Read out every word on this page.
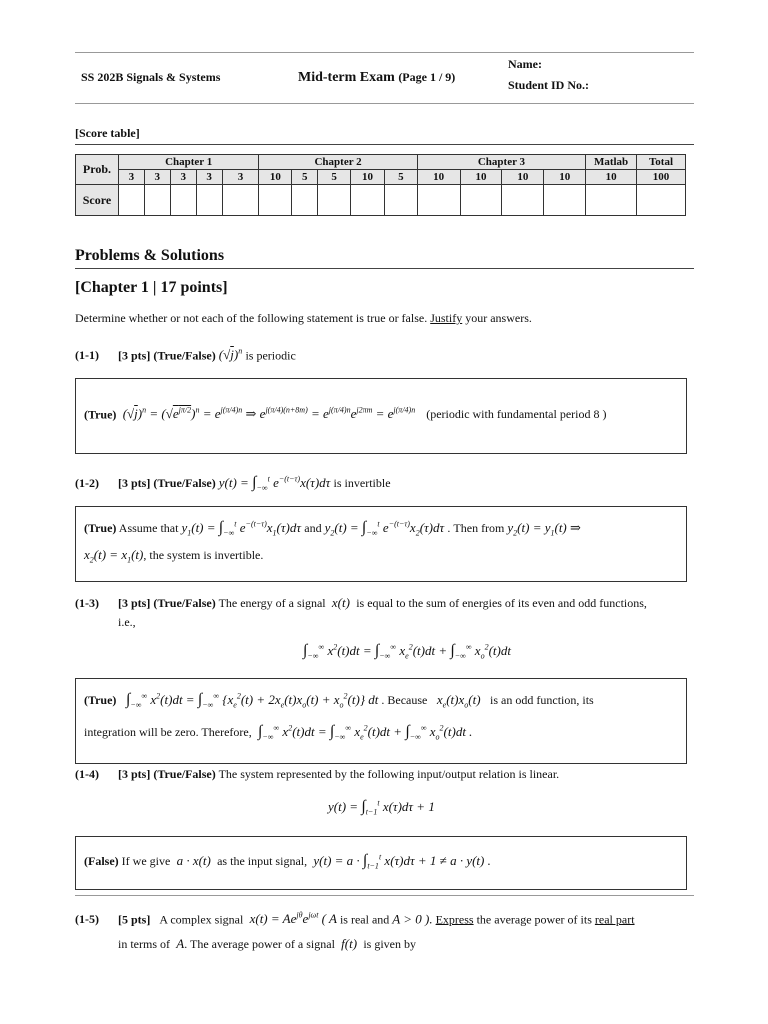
SS 202B Signals & Systems	Mid-term Exam (Page 1 / 9)
Name:
Student ID No.:
[Score table]
Prob.	Chapter 1					Chapter 2					Chapter 3				Matlab	Total
	3	3	3	3	3	10	5	5	10	5	10	10	10	10	10	100
Score																
Problems & Solutions
[Chapter 1 | 17 points]
Determine whether or not each of the following statement is true or false. Justify your answers.
(1-1) [3 pts] (True/False) $(√j)^n$ is periodic
(True)  $(√j)^n = (√e^{j\pi/2})^n = e^{j(\pi/4)n}$ ⇒ $e^{j(\pi/4)(n+8m)} = e^{j(\pi/4)n}e^{j2\pi m} = e^{j(\pi/4)n}$ (periodic with fundamental period 8 )
(1-2) [3 pts] (True/False) $y(t) = \int_{-\infty}^t$ $e^{-(t-\tau)}x(\tau)d\tau$ is invertible
(True) Assume that $y_1(t) = \int_{-\infty}^t$ $e^{-(t-\tau)}x_1(\tau)d\tau$ and $y_2(t) = \int_{-\infty}^t$ $e^{-(t-\tau)}x_2(\tau)d\tau$ . Then from $y_2(t) = y_1(t)$ ⇒
$x_2(t) = x_1(t)$, the system is invertible.
(1-3) [3 pts] (True/False) The energy of a signal  x(t)  is equal to the sum of energies of its even and odd functions,
i.e.,
$\int_{-\infty}^\infty$ $x^2(t)dt = \int_{-\infty}^\infty$ $x_e^2(t)dt + \int_{-\infty}^\infty$ $x_o^2(t)dt$
(True) $\int_{-\infty}^\infty$ $x^2(t)dt = \int_{-\infty}^\infty$ $\{x_e^2(t) + 2x_e(t)x_o(t) + x_o^2(t)\}$ dt . Because   $x_e(t)x_o(t)$   is an odd function, its
integration will be zero. Therefore, $\int_{-\infty}^\infty$ $x^2(t)dt = \int_{-\infty}^\infty$ $x_e^2(t)dt + \int_{-\infty}^\infty$ $x_o^2(t)dt$ .
(1-4) [3 pts] (True/False) The system represented by the following input/output relation is linear.
$y(t) = \int_{t-1}^t$ x(τ)dτ + 1
(False) If we give  a · x(t)  as the input signal,  $y(t) = a \cdot \int_{t-1}^t$ x(τ)dτ + 1 ≠ a · y(t) .
(1-5) [5 pts] A complex signal  $x(t) = Ae^{j\theta}e^{j\omega t}$ ( A is real and A > 0 ). Express the average power of its real part
in terms of  A. The average power of a signal  f(t)  is given by
